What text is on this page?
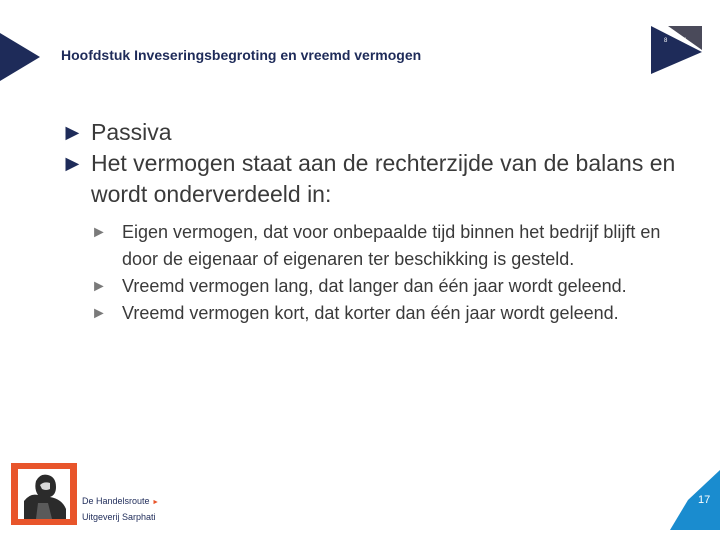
Hoofdstuk Inveseringsbegroting en vreemd vermogen
8	4
► Passiva
► Het vermogen staat aan de rechterzijde van de balans en wordt onderverdeeld in:
► Eigen vermogen, dat voor onbepaalde tijd binnen het bedrijf blijft en door de eigenaar of eigenaren ter beschikking is gesteld.
► Vreemd vermogen lang, dat langer dan één jaar wordt geleend.
► Vreemd vermogen kort, dat korter dan één jaar wordt geleend.
De Handelsroute ►
Uitgeverij Sarphati
17
